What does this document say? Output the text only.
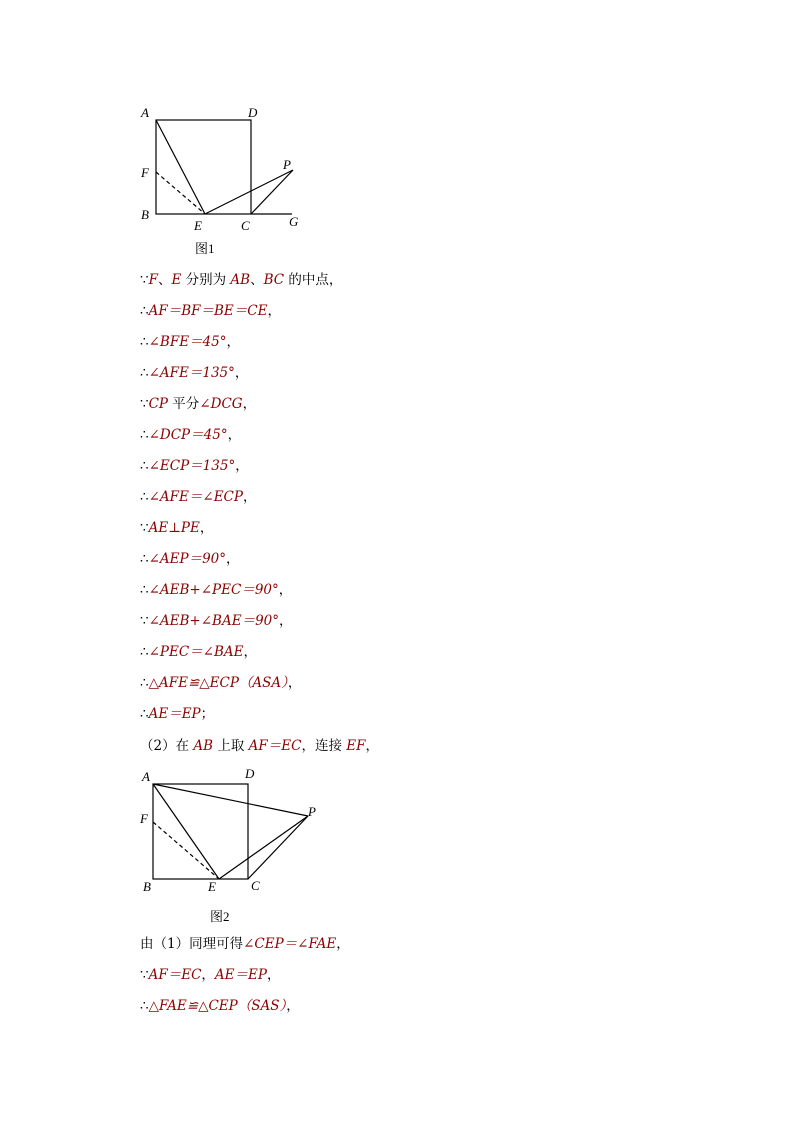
A	D
F
P
B
E	C	G
图1
∵F、E 分别为 AB、BC 的中点，
∴AF＝BF＝BE＝CE，
∴∠BFE＝45°，
∴∠AFE＝135°，
∵CP 平分∠DCG，
∴∠DCP＝45°，
∴∠ECP＝135°，
∴∠AFE＝∠ECP，
∵AE⊥PE，
∴∠AEP＝90°，
∴∠AEB+∠PEC＝90°，
∵∠AEB+∠BAE＝90°，
∴∠PEC＝∠BAE，
∴△AFE≌△ECP（ASA），
∴AE＝EP；
（2）在 AB 上取 AF＝EC，连接 EF，
A	D
F	P
B	E	C
图2
由（1）同理可得∠CEP＝∠FAE，
∵AF＝EC，AE＝EP，
∴△FAE≌△CEP（SAS），
